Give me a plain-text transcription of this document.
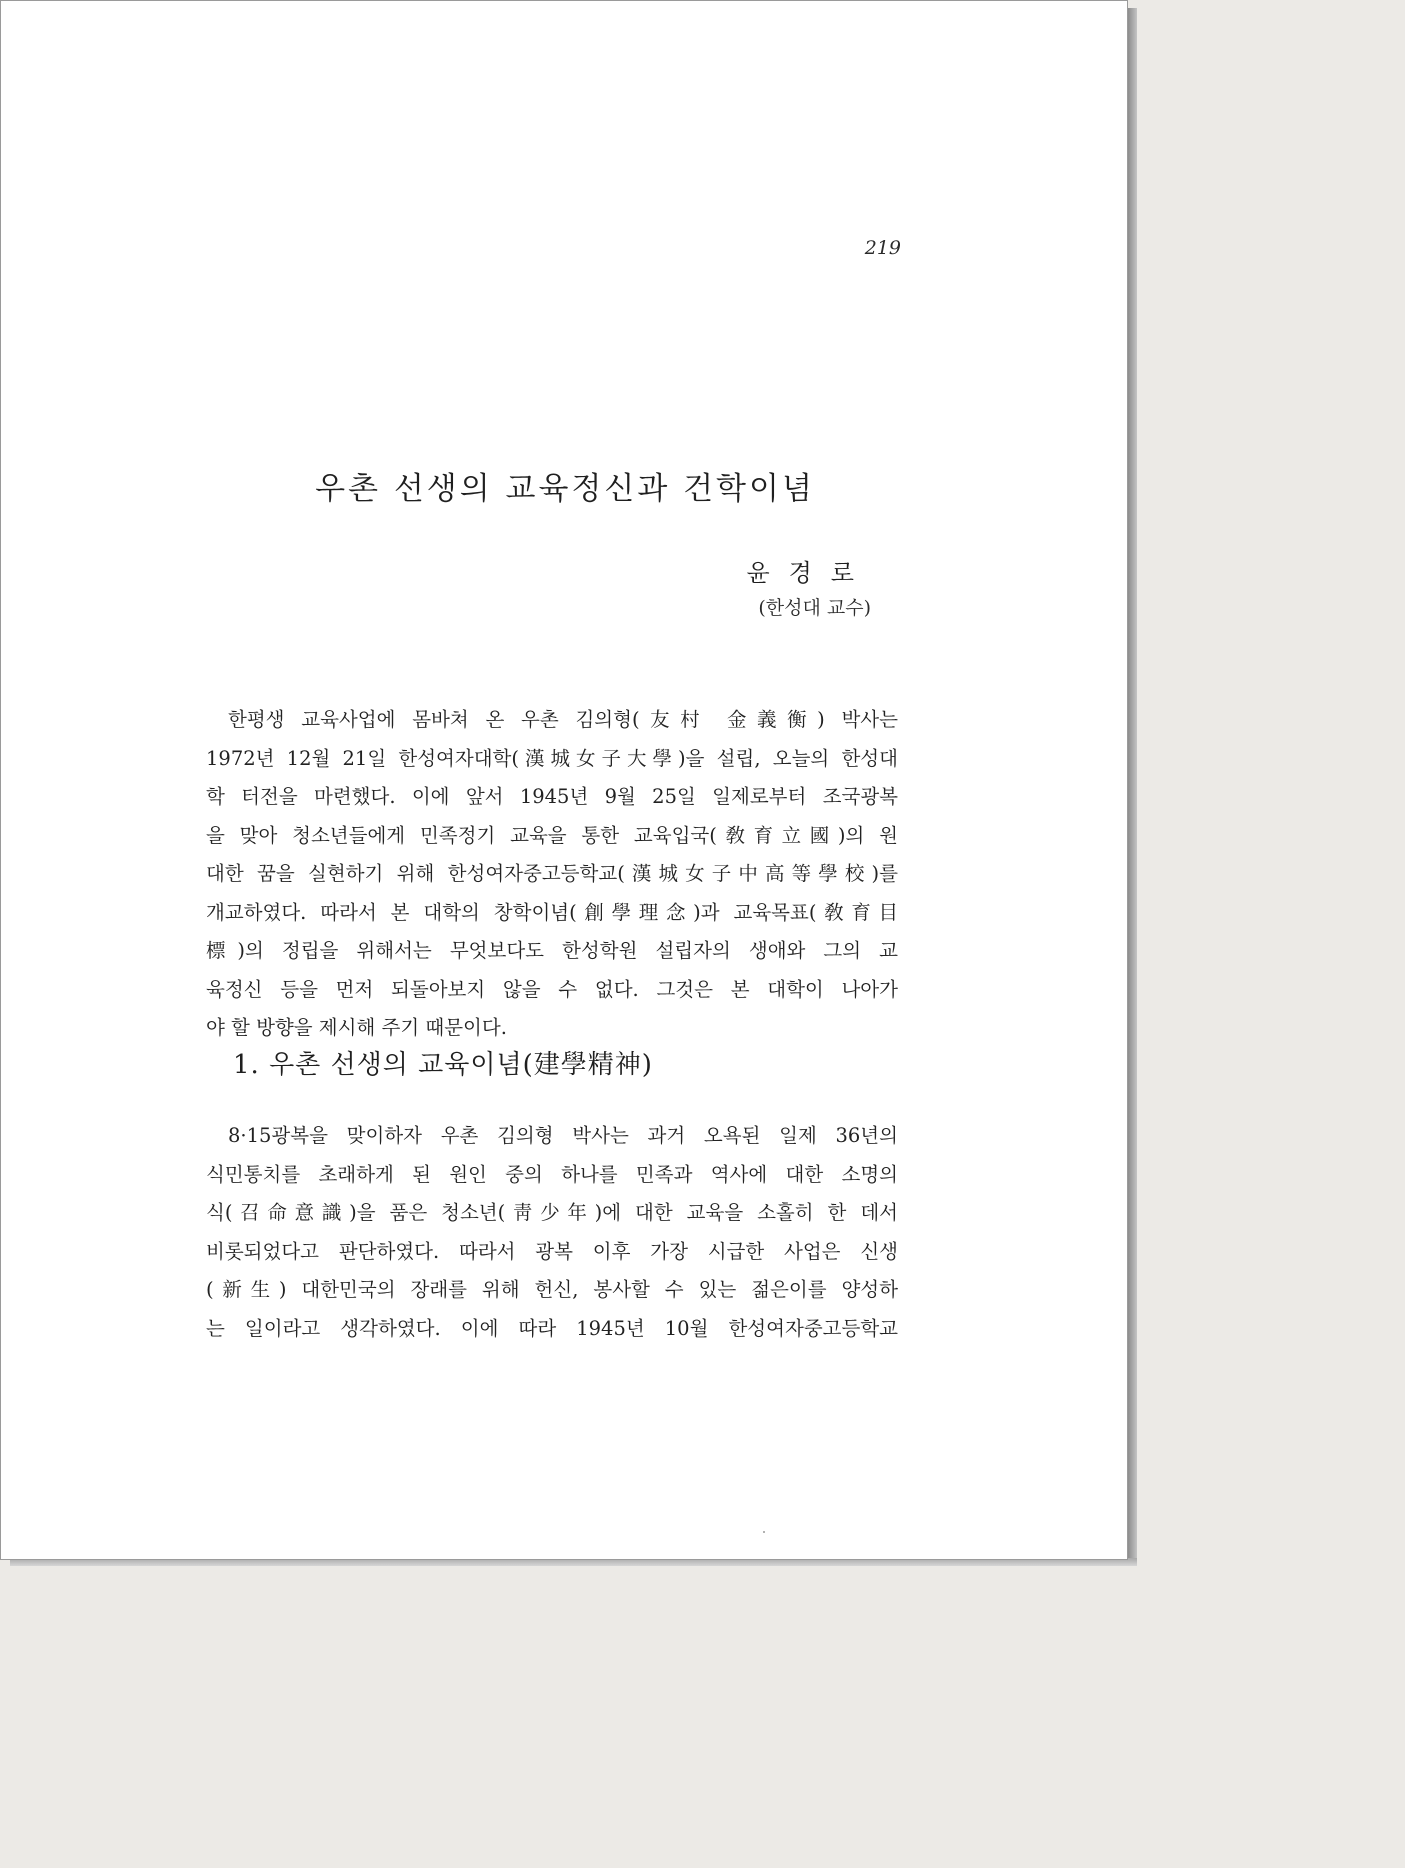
219
우촌 선생의 교육정신과 건학이념
윤경로
(한성대 교수)
한평생 교육사업에 몸바쳐 온 우촌 김의형(友村 金義衡) 박사는
1972년 12월 21일 한성여자대학(漢城女子大學)을 설립, 오늘의 한성대
학 터전을 마련했다. 이에 앞서 1945년 9월 25일 일제로부터 조국광복
을 맞아 청소년들에게 민족정기 교육을 통한 교육입국(敎育立國)의 원
대한 꿈을 실현하기 위해 한성여자중고등학교(漢城女子中高等學校)를
개교하였다. 따라서 본 대학의 창학이념(創學理念)과 교육목표(敎育目
標)의 정립을 위해서는 무엇보다도 한성학원 설립자의 생애와 그의 교
육정신 등을 먼저 되돌아보지 않을 수 없다. 그것은 본 대학이 나아가
야 할 방향을 제시해 주기 때문이다.
1. 우촌 선생의 교육이념(建學精神)
8·15광복을 맞이하자 우촌 김의형 박사는 과거 오욕된 일제 36년의
식민통치를 초래하게 된 원인 중의 하나를 민족과 역사에 대한 소명의
식(召命意識)을 품은 청소년(靑少年)에 대한 교육을 소홀히 한 데서
비롯되었다고 판단하였다. 따라서 광복 이후 가장 시급한 사업은 신생
(新生) 대한민국의 장래를 위해 헌신, 봉사할 수 있는 젊은이를 양성하
는 일이라고 생각하였다. 이에 따라 1945년 10월 한성여자중고등학교
